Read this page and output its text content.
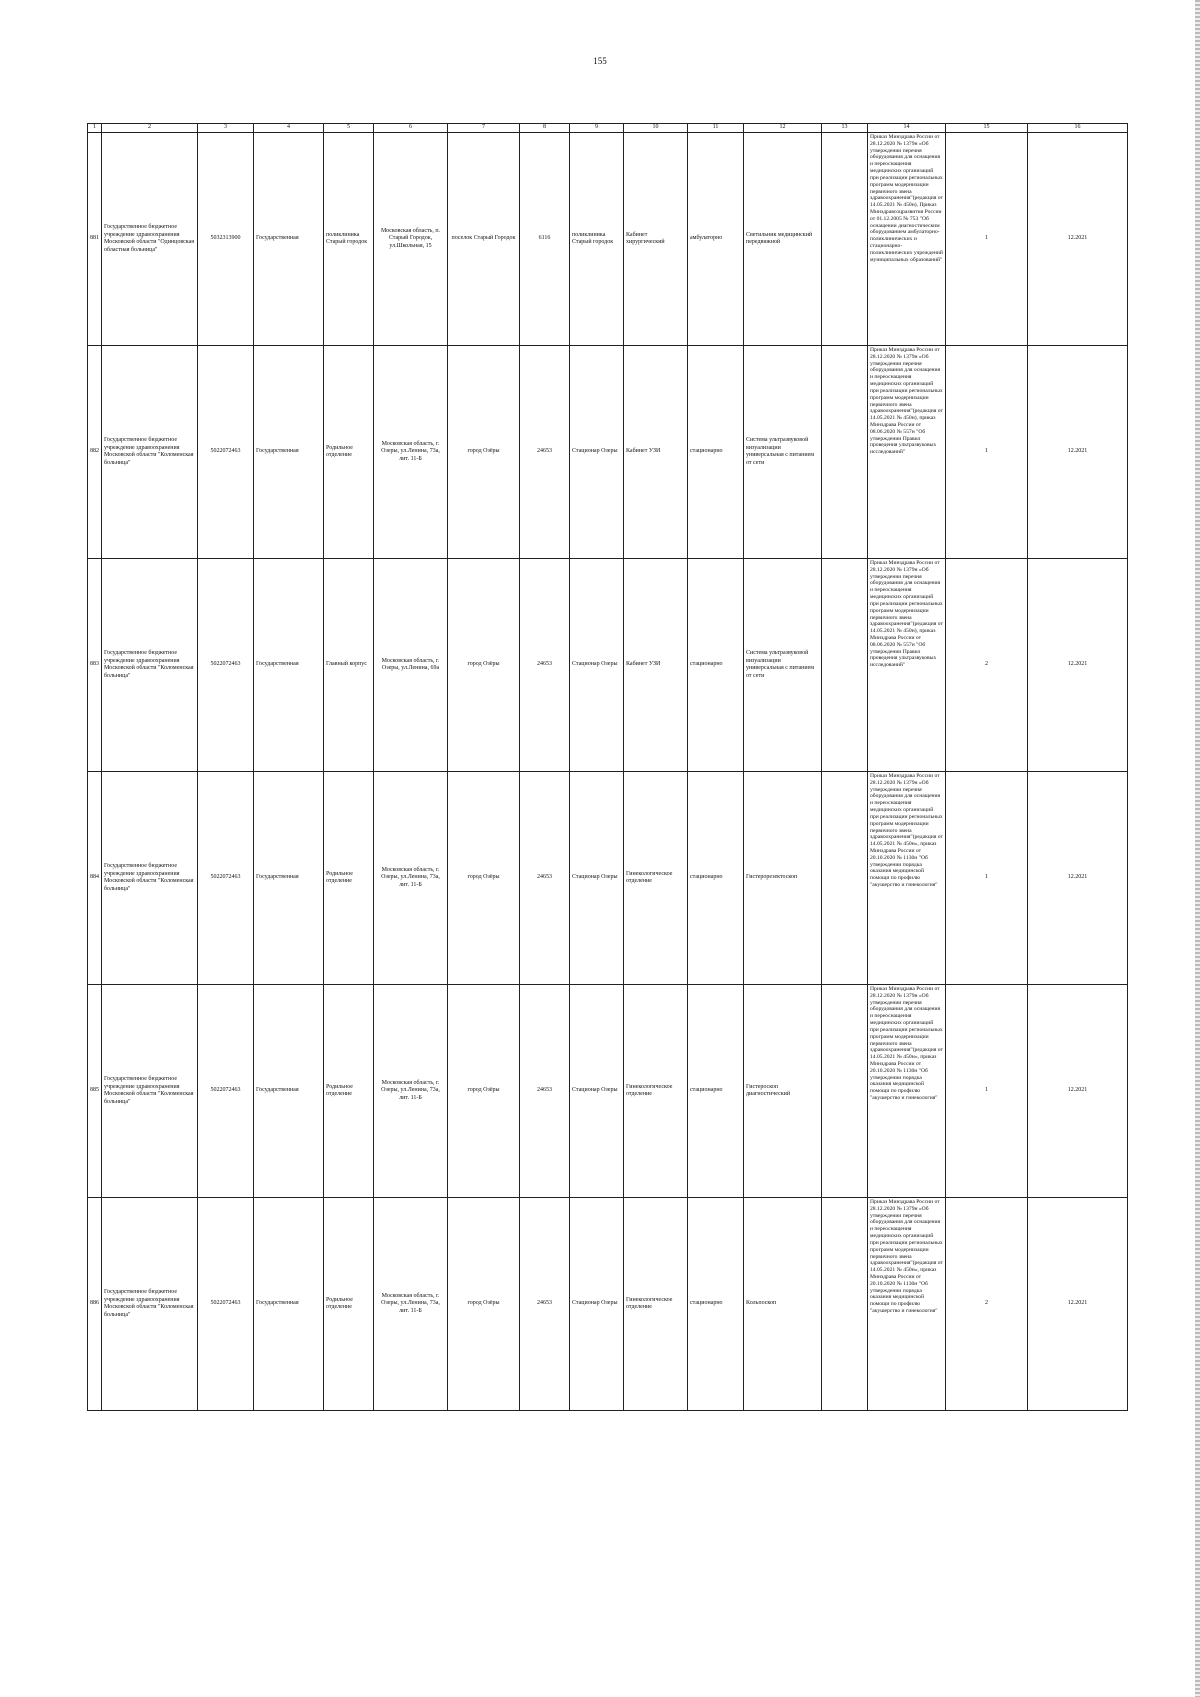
155
1	2	3	4	5	6	7	8	9	10	11	12	13	14	15	16
881	Государственное бюджетное учреждение здравоохранения Московской области "Одинцовская областная больница"	5032313900	Государственная	поликлиника Старый городок	Московская область, п. Старый Городок, ул.Школьная, 15	поселок Старый Городок	6116	поликлиника Старый городок	Кабинет хирургический	амбулаторно	Светильник медицинский передвижной		Приказ Минздрава России от 28.12.2020 № 1379н «Об утверждении перечня оборудования для оснащения и переоснащения медицинских организаций при реализации региональных программ модернизации первичного звена здравоохранения"(редакция от 14.05.2021 № 450н), Приказ Минздравсоцразвития России от 01.12.2005 № 753 "Об оснащении диагностическим оборудованием амбулаторно-поликлинических и стационарно-поликлинических учреждений муниципальных образований"	1	12.2021
882	Государственное бюджетное учреждение здравоохранения Московской области "Коломенская больница"	5022072463	Государственная	Родильное отделение	Московская область, г. Озеры, ул.Ленина, 73а, лит. 11-Б	город Озёры	24653	Стационар Озеры	Кабинет УЗИ	стационарно	Система ультразвуковой визуализации универсальная с питанием от сети		Приказ Минздрава России от 28.12.2020 № 1379н «Об утверждении перечня оборудования для оснащения и переоснащения медицинских организаций при реализации региональных программ модернизации первичного звена здравоохранения"(редакция от 14.05.2021 № 450н), приказ Минздрава России от 08.06.2020 № 557н "Об утверждении Правил проведения ультразвуковых исследований"	1	12.2021
883	Государственное бюджетное учреждение здравоохранения Московской области "Коломенская больница"	5022072463	Государственная	Главный корпус	Московская область, г. Озеры, ул.Ленина, 69а	город Озёры	24653	Стационар Озеры	Кабинет УЗИ	стационарно	Система ультразвуковой визуализации универсальная с питанием от сети		Приказ Минздрава России от 28.12.2020 № 1379н «Об утверждении перечня оборудования для оснащения и переоснащения медицинских организаций при реализации региональных программ модернизации первичного звена здравоохранения"(редакция от 14.05.2021 № 450н), приказ Минздрава России от 08.06.2020 № 557н "Об утверждении Правил проведения ультразвуковых исследований"	2	12.2021
884	Государственное бюджетное учреждение здравоохранения Московской области "Коломенская больница"	5022072463	Государственная	Родильное отделение	Московская область, г. Озеры, ул.Ленина, 73а, лит. 11-Б	город Озёры	24653	Стационар Озеры	Гинекологическое отделение	стационарно	Гистерорезектоскоп		Приказ Минздрава России от 28.12.2020 № 1379н «Об утверждении перечня оборудования для оснащения и переоснащения медицинских организаций при реализации региональных программ модернизации первичного звена здравоохранения"(редакция от 14.05.2021 № 450н», приказ Минздрава России от 20.10.2020 № 1130н "Об утверждении порядка оказания медицинской помощи по профилю "акушерство и гинекология"	1	12.2021
885	Государственное бюджетное учреждение здравоохранения Московской области "Коломенская больница"	5022072463	Государственная	Родильное отделение	Московская область, г. Озеры, ул.Ленина, 73а, лит. 11-Б	город Озёры	24653	Стационар Озеры	Гинекологическое отделение	стационарно	Гистероскоп диагностический		Приказ Минздрава России от 28.12.2020 № 1379н «Об утверждении перечня оборудования для оснащения и переоснащения медицинских организаций при реализации региональных программ модернизации первичного звена здравоохранения"(редакция от 14.05.2021 № 450н», приказ Минздрава России от 20.10.2020 № 1130н "Об утверждении порядка оказания медицинской помощи по профилю "акушерство и гинекология"	1	12.2021
886	Государственное бюджетное учреждение здравоохранения Московской области "Коломенская больница"	5022072463	Государственная	Родильное отделение	Московская область, г. Озеры, ул.Ленина, 73а, лит. 11-Б	город Озёры	24653	Стационар Озеры	Гинекологическое отделение	стационарно	Кольпоскоп		Приказ Минздрава России от 28.12.2020 № 1379н «Об утверждении перечня оборудования для оснащения и переоснащения медицинских организаций при реализации региональных программ модернизации первичного звена здравоохранения"(редакция от 14.05.2021 № 450н», приказ Минздрава России от 20.10.2020 № 1130н "Об утверждении порядка оказания медицинской помощи по профилю "акушерство и гинекология"	2	12.2021
